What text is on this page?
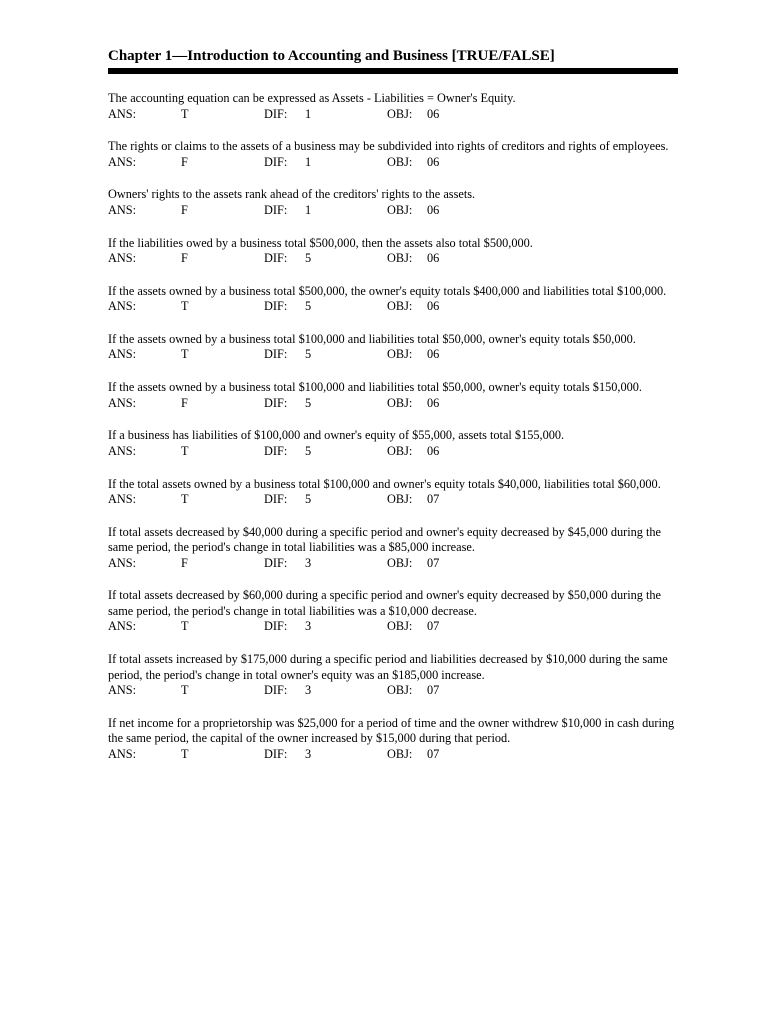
Chapter 1—Introduction to Accounting and Business [TRUE/FALSE]

The accounting equation can be expressed as Assets - Liabilities = Owner's Equity.

ANS:	T	DIF: 1	OBJ: 06

The rights or claims to the assets of a business may be subdivided into rights of creditors and rights of employees.

ANS:	F	DIF: 1	OBJ: 06

Owners' rights to the assets rank ahead of the creditors' rights to the assets.

ANS:	F	DIF: 1	OBJ: 06

If the liabilities owed by a business total $500,000, then the assets also total $500,000.

ANS:	F	DIF: 5	OBJ: 06

If the assets owned by a business total $500,000, the owner's equity totals $400,000 and liabilities total $100,000.

ANS:	T	DIF: 5	OBJ: 06

If the assets owned by a business total $100,000 and liabilities total $50,000, owner's equity totals $50,000.

ANS:	T	DIF: 5	OBJ: 06

If the assets owned by a business total $100,000 and liabilities total $50,000, owner's equity totals $150,000.

ANS:	F	DIF: 5	OBJ: 06

If a business has liabilities of $100,000 and owner's equity of $55,000, assets total $155,000.

ANS:	T	DIF: 5	OBJ: 06

If the total assets owned by a business total $100,000 and owner's equity totals $40,000, liabilities total $60,000.

ANS:	T	DIF: 5	OBJ: 07

If total assets decreased by $40,000 during a specific period and owner's equity decreased by $45,000 during the same period, the period's change in total liabilities was a $85,000 increase.

ANS:	F	DIF: 3	OBJ: 07

If total assets decreased by $60,000 during a specific period and owner's equity decreased by $50,000 during the same period, the period's change in total liabilities was a $10,000 decrease.

ANS:	T	DIF: 3	OBJ: 07

If total assets increased by $175,000 during a specific period and liabilities decreased by $10,000 during the same period, the period's change in total owner's equity was an $185,000 increase.

ANS:	T	DIF: 3	OBJ: 07

If net income for a proprietorship was $25,000 for a period of time and the owner withdrew $10,000 in cash during the same period, the capital of the owner increased by $15,000 during that period.

ANS:	T	DIF: 3	OBJ: 07
